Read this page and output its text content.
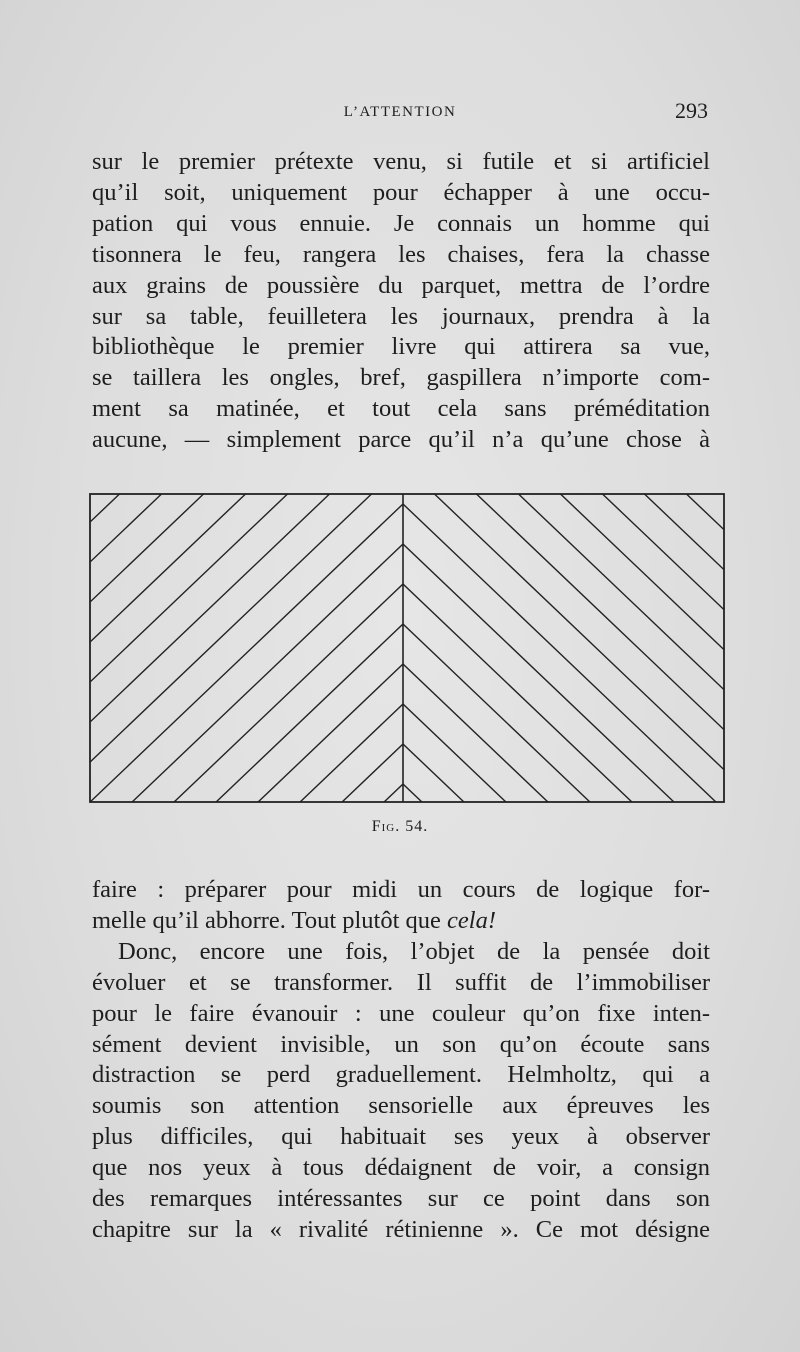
L’ATTENTION	293
sur le premier prétexte venu, si futile et si artificiel
qu’il soit, uniquement pour échapper à une occu-
pation qui vous ennuie. Je connais un homme qui
tisonnera le feu, rangera les chaises, fera la chasse
aux grains de poussière du parquet, mettra de l’ordre
sur sa table, feuilletera les journaux, prendra à la
bibliothèque le premier livre qui attirera sa vue,
se taillera les ongles, bref, gaspillera n’importe com-
ment sa matinée, et tout cela sans préméditation
aucune, — simplement parce qu’il n’a qu’une chose à
Fig. 54.
faire : préparer pour midi un cours de logique for-
melle qu’il abhorre. Tout plutôt que cela!
Donc, encore une fois, l’objet de la pensée doit
évoluer et se transformer. Il suffit de l’immobiliser
pour le faire évanouir : une couleur qu’on fixe inten-
sément devient invisible, un son qu’on écoute sans
distraction se perd graduellement. Helmholtz, qui a
soumis son attention sensorielle aux épreuves les
plus difficiles, qui habituait ses yeux à observer
que nos yeux à tous dédaignent de voir, a consign
des remarques intéressantes sur ce point dans son
chapitre sur la « rivalité rétinienne ». Ce mot désigne
